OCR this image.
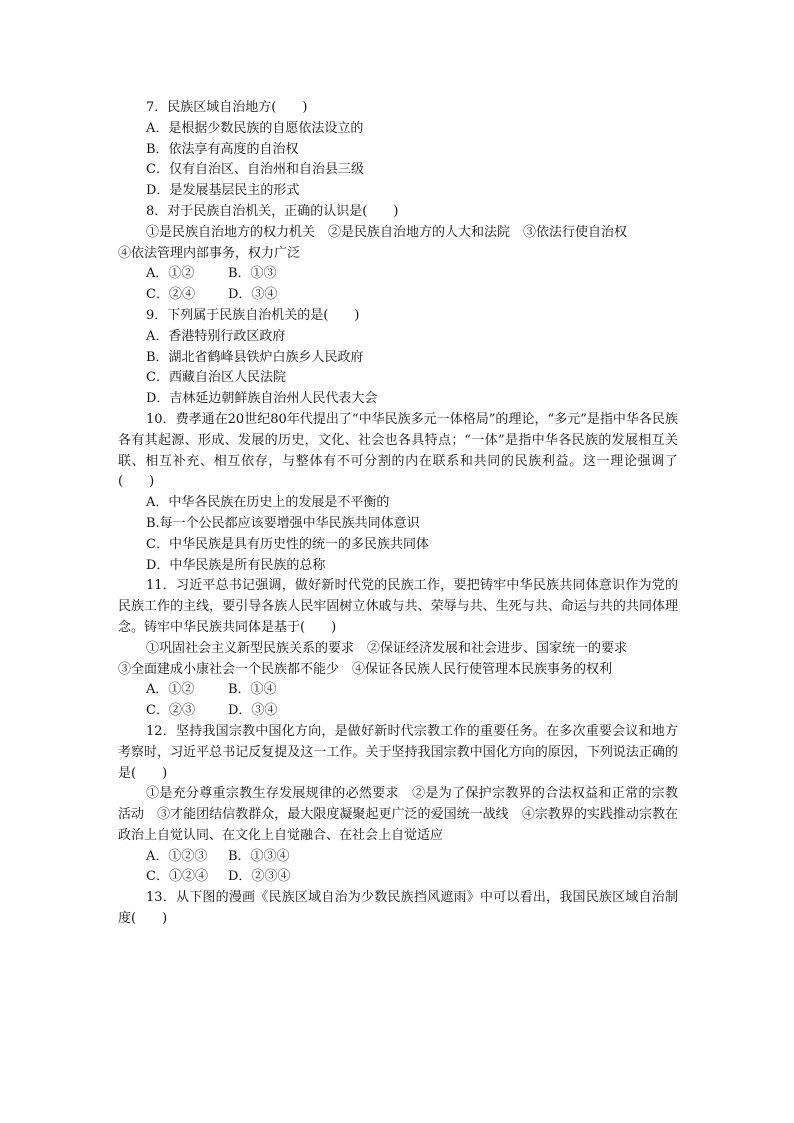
7．民族区域自治地方(　　)
A．是根据少数民族的自愿依法设立的
B．依法享有高度的自治权
C．仅有自治区、自治州和自治县三级
D．是发展基层民主的形式
8．对于民族自治机关，正确的认识是(　　)
①是民族自治地方的权力机关　②是民族自治地方的人大和法院　③依法行使自治权
④依法管理内部事务，权力广泛
A．①②	B．①③
C．②④	D．③④
9．下列属于民族自治机关的是(　　)
A．香港特别行政区政府
B．湖北省鹤峰县铁炉白族乡人民政府
C．西藏自治区人民法院
D．吉林延边朝鲜族自治州人民代表大会
10．费孝通在20世纪80年代提出了“中华民族多元一体格局”的理论，“多元”是指中华各民族各有其起源、形成、发展的历史，文化、社会也各具特点；“一体”是指中华各民族的发展相互关联、相互补充、相互依存，与整体有不可分割的内在联系和共同的民族利益。这一理论强调了(　　)
A．中华各民族在历史上的发展是不平衡的
B.每一个公民都应该要增强中华民族共同体意识
C．中华民族是具有历史性的统一的多民族共同体
D．中华民族是所有民族的总称
11．习近平总书记强调，做好新时代党的民族工作，要把铸牢中华民族共同体意识作为党的民族工作的主线，要引导各族人民牢固树立休戚与共、荣辱与共、生死与共、命运与共的共同体理念。铸牢中华民族共同体是基于(　　)
①巩固社会主义新型民族关系的要求　②保证经济发展和社会进步、国家统一的要求
③全面建成小康社会一个民族都不能少　④保证各民族人民行使管理本民族事务的权利
A．①②	B．①④
C．②③	D．③④
12．坚持我国宗教中国化方向，是做好新时代宗教工作的重要任务。在多次重要会议和地方考察时，习近平总书记反复提及这一工作。关于坚持我国宗教中国化方向的原因，下列说法正确的是(　　)
①是充分尊重宗教生存发展规律的必然要求　②是为了保护宗教界的合法权益和正常的宗教活动　③才能团结信教群众，最大限度凝聚起更广泛的爱国统一战线　④宗教界的实践推动宗教在政治上自觉认同、在文化上自觉融合、在社会上自觉适应
A．①②③ B．①③④
C．①②④ D．②③④
13．从下图的漫画《民族区域自治为少数民族挡风遮雨》中可以看出，我国民族区域自治制度(　　)
